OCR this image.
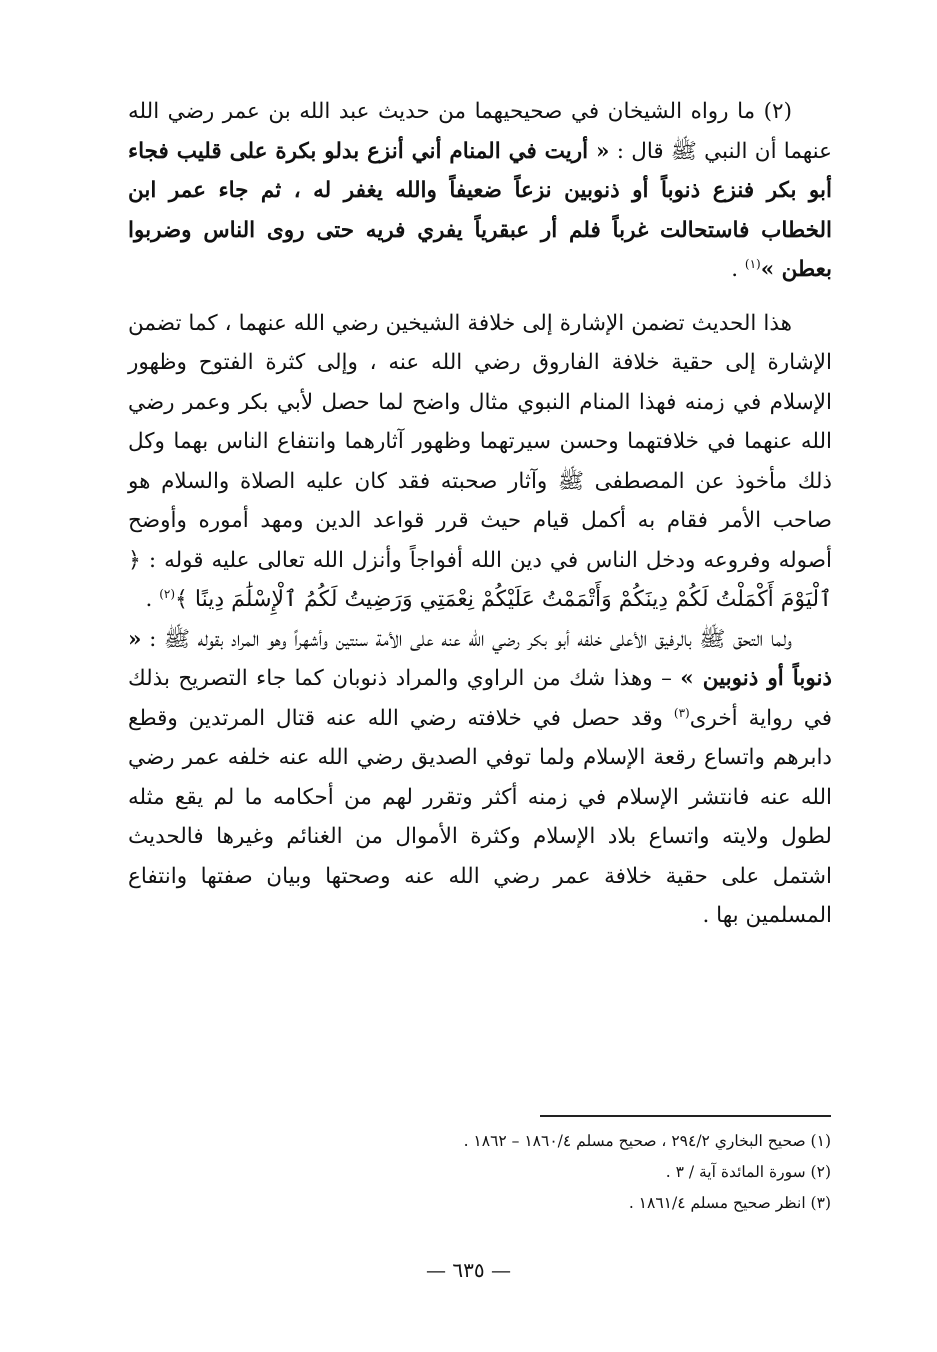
(٢) ما رواه الشيخان في صحيحيهما من حديث عبد الله بن عمر رضي الله عنهما أن النبي ﷺ قال : « أريت في المنام أني أنزع بدلو بكرة على قليب فجاء أبو بكر فنزع ذنوباً أو ذنوبين نزعاً ضعيفاً والله يغفر له ، ثم جاء عمر ابن الخطاب فاستحالت غرباً فلم أر عبقرياً يفري فريه حتى روى الناس وضربوا بعطن »$^{(١)}$ .

هذا الحديث تضمن الإشارة إلى خلافة الشيخين رضي الله عنهما ، كما تضمن الإشارة إلى حقية خلافة الفاروق رضي الله عنه ، وإلى كثرة الفتوح وظهور الإسلام في زمنه فهذا المنام النبوي مثال واضح لما حصل لأبي بكر وعمر رضي الله عنهما في خلافتهما وحسن سيرتهما وظهور آثارهما وانتفاع الناس بهما وكل ذلك مأخوذ عن المصطفى ﷺ وآثار صحبته فقد كان عليه الصلاة والسلام هو صاحب الأمر فقام به أكمل قيام حيث قرر قواعد الدين ومهد أموره وأوضح أصوله وفروعه ودخل الناس في دين الله أفواجاً وأنزل الله تعالى عليه قوله : ﴿ ٱلْيَوْمَ أَكْمَلْتُ لَكُمْ دِينَكُمْ وَأَتْمَمْتُ عَلَيْكُمْ نِعْمَتِي وَرَضِيتُ لَكُمُ ٱلْإِسْلَٰمَ دِينًا ﴾$^{(٢)}$ .

ولما التحق ﷺ بالرفيق الأعلى خلفه أبو بكر رضي الله عنه على الأمة سنتين وأشهراً وهو المراد بقوله ﷺ : « ذنوباً أو ذنوبين » – وهذا شك من الراوي والمراد ذنوبان كما جاء التصريح بذلك في رواية أخرى$^{(٣)}$ وقد حصل في خلافته رضي الله عنه قتال المرتدين وقطع دابرهم واتساع رقعة الإسلام ولما توفي الصديق رضي الله عنه خلفه عمر رضي الله عنه فانتشر الإسلام في زمنه أكثر وتقرر لهم من أحكامه ما لم يقع مثله لطول ولايته واتساع بلاد الإسلام وكثرة الأموال من الغنائم وغيرها فالحديث اشتمل على حقية خلافة عمر رضي الله عنه وصحتها وبيان صفتها وانتفاع المسلمين بها .

(١) صحيح البخاري ٢٩٤/٢ ، صحيح مسلم ١٨٦٠/٤ – ١٨٦٢ .

(٢) سورة المائدة آية / ٣ .

(٣) انظر صحيح مسلم ١٨٦١/٤ .

— ٦٣٥ —
